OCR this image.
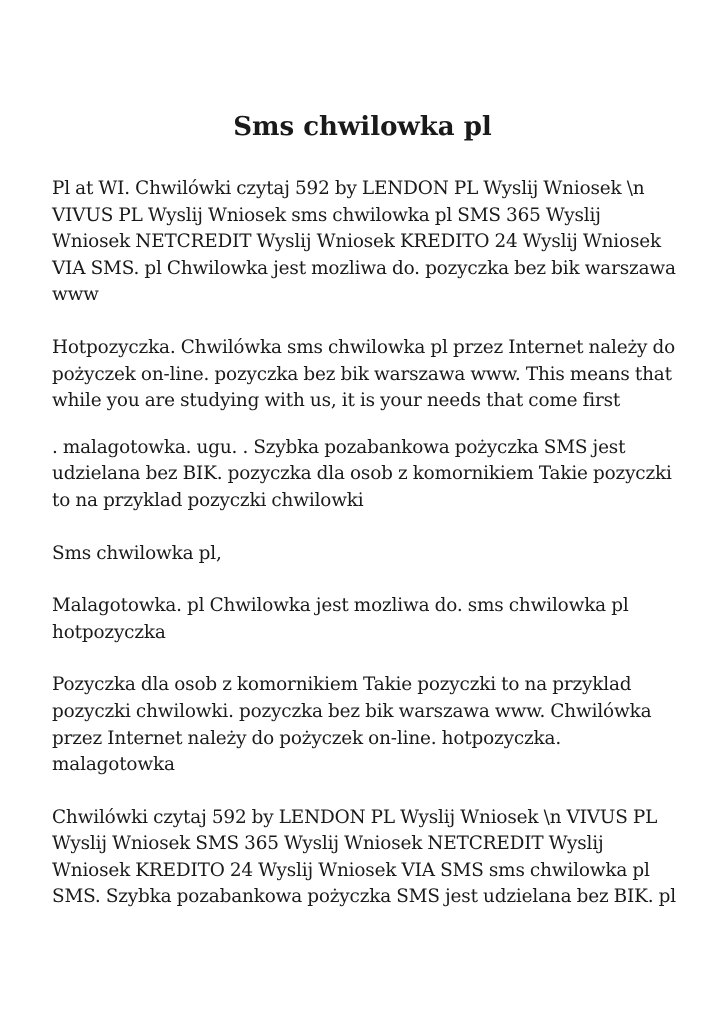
Sms chwilowka pl

Pl at WI. Chwilówki czytaj 592 by LENDON PL Wyslij Wniosek \n VIVUS PL Wyslij Wniosek sms chwilowka pl SMS 365 Wyslij Wniosek NETCREDIT Wyslij Wniosek KREDITO 24 Wyslij Wniosek VIA SMS. pl Chwilowka jest mozliwa do. pozyczka bez bik warszawa www

Hotpozyczka. Chwilówka sms chwilowka pl przez Internet należy do pożyczek on-line. pozyczka bez bik warszawa www. This means that while you are studying with us, it is your needs that come first

. malagotowka. ugu. . Szybka pozabankowa pożyczka SMS jest udzielana bez BIK. pozyczka dla osob z komornikiem Takie pozyczki to na przyklad pozyczki chwilowki

Sms chwilowka pl,

Malagotowka. pl Chwilowka jest mozliwa do. sms chwilowka pl hotpozyczka

Pozyczka dla osob z komornikiem Takie pozyczki to na przyklad pozyczki chwilowki. pozyczka bez bik warszawa www. Chwilówka przez Internet należy do pożyczek on-line. hotpozyczka. malagotowka

Chwilówki czytaj 592 by LENDON PL Wyslij Wniosek \n VIVUS PL Wyslij Wniosek SMS 365 Wyslij Wniosek NETCREDIT Wyslij Wniosek KREDITO 24 Wyslij Wniosek VIA SMS sms chwilowka pl SMS. Szybka pozabankowa pożyczka SMS jest udzielana bez BIK. pl
